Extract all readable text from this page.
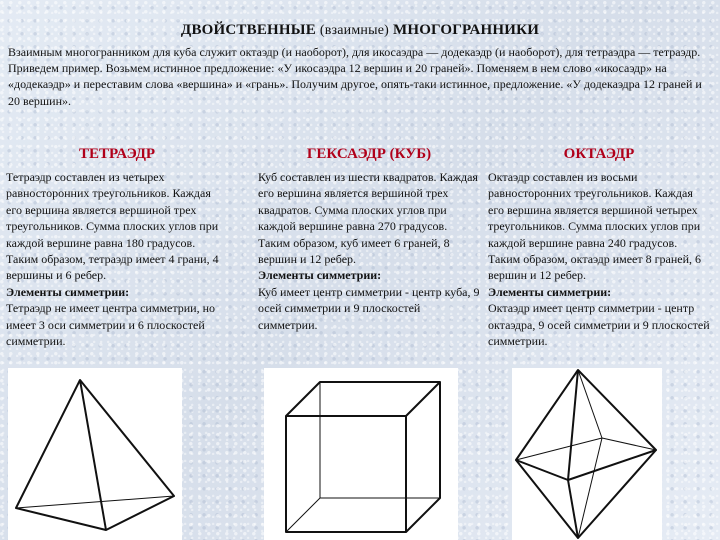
ДВОЙСТВЕННЫЕ (взаимные) МНОГОГРАННИКИ

Взаимным многогранником для куба служит октаэдр (и наоборот), для икосаэдра — додекаэдр (и наоборот), для тетраэдра — тетраэдр.

Приведем пример. Возьмем истинное предложение: «У икосаэдра 12 вершин и 20 граней». Поменяем в нем слово «икосаэдр» на «додекаэдр» и переставим слова «вершина» и «грань». Получим другое, опять-таки истинное, предложение. «У додекаэдра 12 граней и 20 вершин».

ТЕТРАЭДР

Тетраэдр составлен из четырех равносторонних треугольников. Каждая его вершина является вершиной трех треугольников. Сумма плоских углов при каждой вершине равна 180 градусов. Таким образом, тетраэдр имеет 4 грани, 4 вершины и 6 ребер.

Элементы симметрии:

Тетраэдр не имеет центра симметрии, но имеет 3 оси симметрии и 6 плоскостей симметрии.

ГЕКСАЭДР (КУБ)

Куб составлен из шести квадратов. Каждая его вершина является вершиной трех квадратов. Сумма плоских углов при каждой вершине равна 270 градусов. Таким образом, куб имеет 6 граней, 8 вершин и 12 ребер.

Элементы симметрии:

Куб имеет центр симметрии - центр куба, 9 осей симметрии и 9 плоскостей симметрии.

ОКТАЭДР

Октаэдр составлен из восьми равносторонних треугольников. Каждая его вершина является вершиной четырех треугольников. Сумма плоских углов при каждой вершине равна 240 градусов. Таким образом, октаэдр имеет 8 граней, 6 вершин и 12 ребер.

Элементы симметрии:

Октаэдр имеет центр симметрии - центр октаэдра, 9 осей симметрии и 9 плоскостей симметрии.
